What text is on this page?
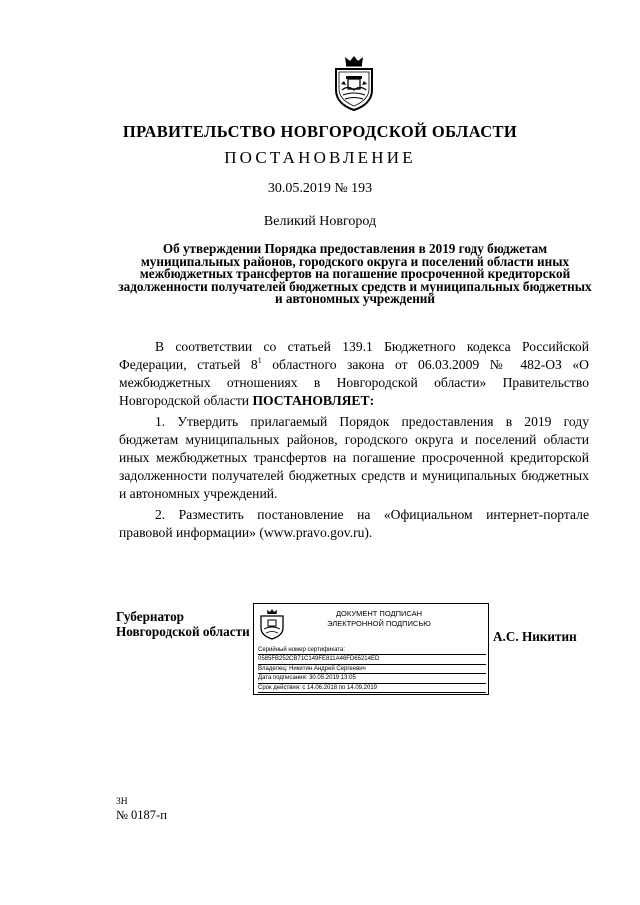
ПРАВИТЕЛЬСТВО НОВГОРОДСКОЙ ОБЛАСТИ
ПОСТАНОВЛЕНИЕ
30.05.2019 № 193
Великий Новгород
Об утверждении Порядка предоставления в 2019 году бюджетам муниципальных районов, городского округа и поселений области иных межбюджетных трансфертов на погашение просроченной кредиторской задолженности получателей бюджетных средств и муниципальных бюджетных и автономных учреждений

В соответствии со статьей 139.1 Бюджетного кодекса Российской Федерации, статьей $8^1$ областного закона от 06.03.2009 № 482-ОЗ «О межбюджетных отношениях в Новгородской области» Правительство Новгородской области ПОСТАНОВЛЯЕТ:

1. Утвердить прилагаемый Порядок предоставления в 2019 году бюджетам муниципальных районов, городского округа и поселений области иных межбюджетных трансфертов на погашение просроченной кредиторской задолженности получателей бюджетных средств и муниципальных бюджетных и автономных учреждений.

2. Разместить постановление на «Официальном интернет-портале правовой информации» (www.pravo.gov.ru).

Губернатор
Новгородской области
ДОКУМЕНТ ПОДПИСАН
ЭЛЕКТРОННОЙ ПОДПИСЬЮ
Серийный номер сертификата:
0585FB252CB71C149FE811A46FD65214ED
Владелец: Никитин Андрей Сергеевич
Дата подписания: 30.05.2019 13:05
Срок действия: с 14.06.2018 по 14.09.2019
А.С. Никитин
3Н
№ 0187-п
